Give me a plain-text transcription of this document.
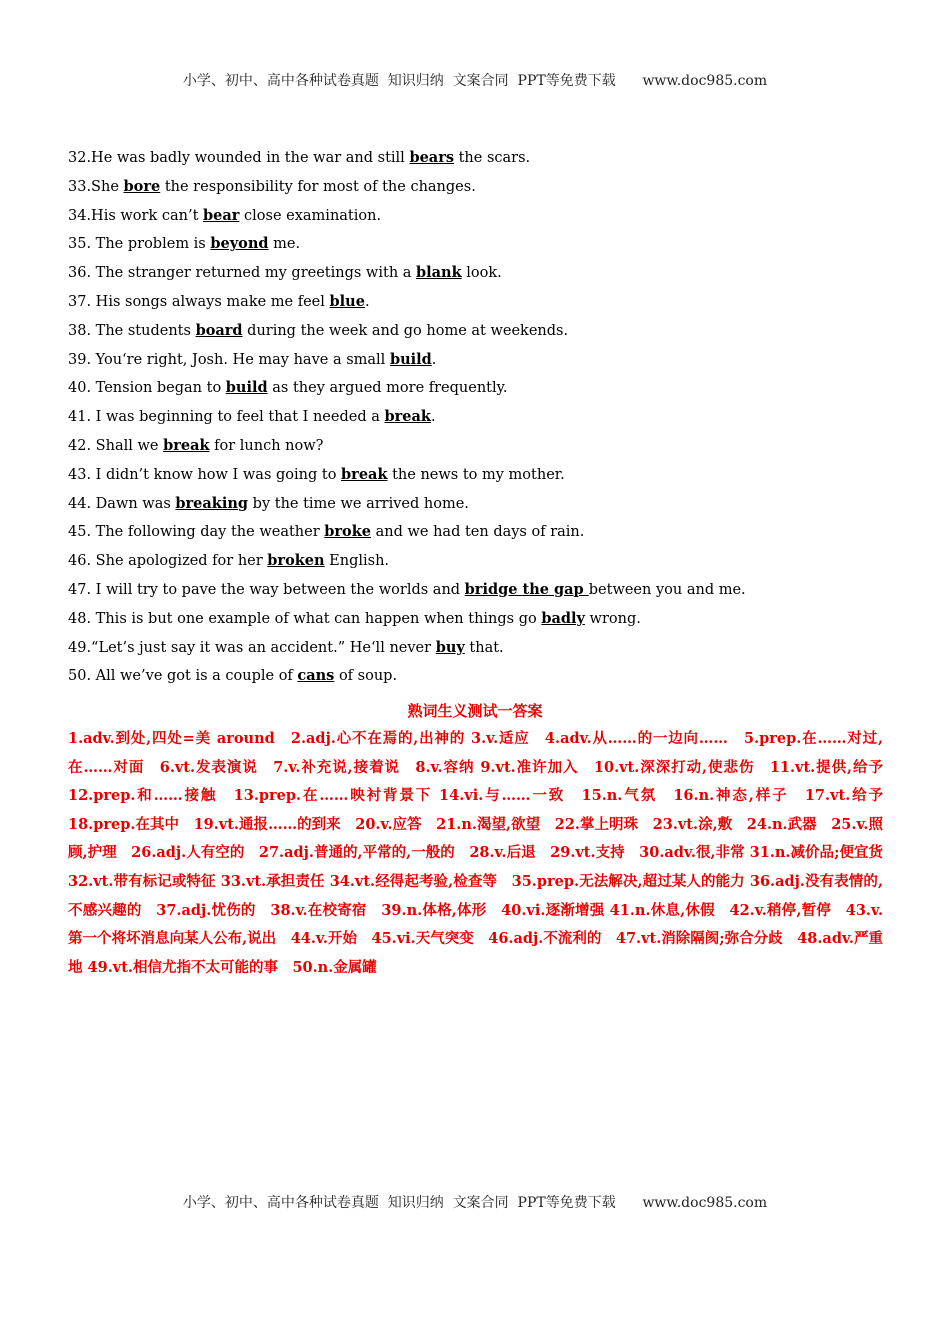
小学、初中、高中各种试卷真题  知识归纳  文案合同  PPT等免费下载      www.doc985.com
32.He was badly wounded in the war and still bears the scars.
33.She bore the responsibility for most of the changes.
34.His work can’t bear close examination.
35. The problem is beyond me.
36. The stranger returned my greetings with a blank look.
37. His songs always make me feel blue.
38. The students board during the week and go home at weekends.
39. You‘re right, Josh. He may have a small build.
40. Tension began to build as they argued more frequently.
41. I was beginning to feel that I needed a break.
42. Shall we break for lunch now?
43. I didn’t know how I was going to break the news to my mother.
44. Dawn was breaking by the time we arrived home.
45. The following day the weather broke and we had ten days of rain.
46. She apologized for her broken English.
47. I will try to pave the way between the worlds and bridge the gap between you and me.
48. This is but one example of what can happen when things go badly wrong.
49.“Let’s just say it was an accident.” He‘ll never buy that.
50. All we’ve got is a couple of cans of soup.
熟词生义测试一答案
1.adv.到处,四处=美 around　2.adj.心不在焉的,出神的 3.v.适应　4.adv.从……的一边向……　5.prep.在……对过,在……对面　6.vt.发表演说　7.v.补充说,接着说　8.v.容纳 9.vt.准许加入　10.vt.深深打动,使悲伤　11.vt.提供,给予 12.prep.和……接触　13.prep.在……映衬背景下 14.vi.与……一致　15.n.气氛　16.n.神态,样子　17.vt.给予　18.prep.在其中　19.vt.通报……的到来　20.v.应答　21.n.渴望,欲望　22.掌上明珠　23.vt.涂,敷　24.n.武器　25.v.照顾,护理　26.adj.人有空的　27.adj.普通的,平常的,一般的　28.v.后退　29.vt.支持　30.adv.很,非常 31.n.减价品;便宜货 32.vt.带有标记或特征 33.vt.承担责任 34.vt.经得起考验,检查等　35.prep.无法解决,超过某人的能力 36.adj.没有表情的,不感兴趣的　37.adj.忧伤的　38.v.在校寄宿　39.n.体格,体形　40.vi.逐渐增强 41.n.休息,休假　42.v.稍停,暂停　43.v.第一个将坏消息向某人公布,说出　44.v.开始　45.vi.天气突变　46.adj.不流利的　47.vt.消除隔阂;弥合分歧　48.adv.严重地 49.vt.相信尤指不太可能的事　50.n.金属罐
小学、初中、高中各种试卷真题  知识归纳  文案合同  PPT等免费下载      www.doc985.com
